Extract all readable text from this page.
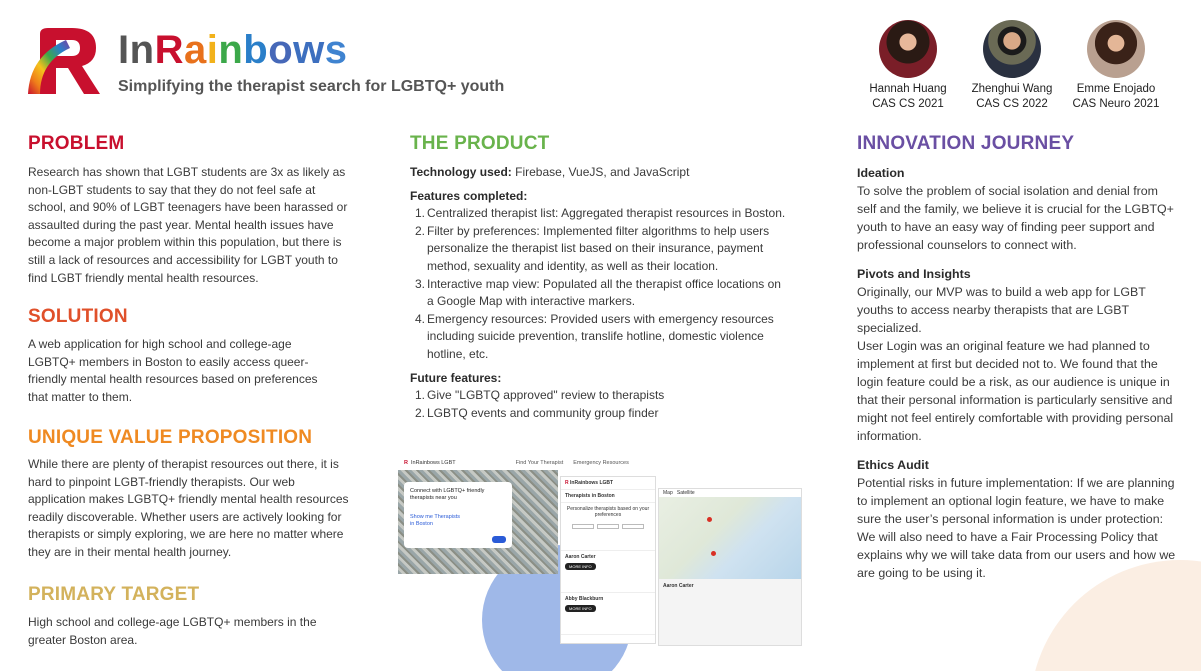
InRainbows
Simplifying the therapist search for LGBTQ+ youth	Hannah Huang
CAS CS 2021
Zhenghui Wang
CAS CS 2022
Emme Enojado
CAS Neuro 2021
PROBLEM
Research has shown that LGBT students are 3x as likely as non-LGBT students to say that they do not feel safe at school, and 90% of LGBT teenagers have been harassed or assaulted during the past year. Mental health issues have become a major problem within this population, but there is still a lack of resources and accessibility for LGBT youth to find LGBT friendly mental health resources.
SOLUTION
A web application for high school and college-age LGBTQ+ members in Boston to easily access queer-friendly mental health resources based on preferences that matter to them.
UNIQUE VALUE PROPOSITION
While there are plenty of therapist resources out there, it is hard to pinpoint LGBT-friendly therapists. Our web application makes LGBTQ+ friendly mental health resources readily discoverable. Whether users are actively looking for therapists or simply exploring, we are here no matter where they are in their mental health journey.
PRIMARY TARGET
High school and college-age LGBTQ+ members in the greater Boston area.
THE PRODUCT
Technology used: Firebase, VueJS, and JavaScript
Features completed:
1. Centralized therapist list: Aggregated therapist resources in Boston.
2. Filter by preferences: Implemented filter algorithms to help users personalize the therapist list based on their insurance, payment method, sexuality and identity, as well as their location.
3. Interactive map view: Populated all the therapist office locations on a Google Map with interactive markers.
4. Emergency resources: Provided users with emergency resources including suicide prevention, translife hotline, domestic violence hotline, etc.
Future features:
1. Give "LGBTQ approved" review to therapists
2. LGBTQ events and community group finder
R InRainbows LGBT	Find Your Therapist Emergency Resources
Connect with LGBTQ+ friendly therapists near you
Show me Therapists
in Boston
R InRainbows LGBT
Therapists in Boston
Personalize therapists based on your preferences
Aaron Carter
MORE INFO
Abby Blackburn
MORE INFO
Map Satellite
Aaron Carter
INNOVATION JOURNEY
Ideation
To solve the problem of social isolation and denial from self and the family, we believe it is crucial for the LGBTQ+ youth to have an easy way of finding peer support and professional counselors to connect with.
Pivots and Insights
Originally, our MVP was to build a web app for LGBT youths to access nearby therapists that are LGBT specialized.
User Login was an original feature we had planned to implement at first but decided not to. We found that the login feature could be a risk, as our audience is unique in that their personal information is particularly sensitive and might not feel entirely comfortable with providing personal information.
Ethics Audit
Potential risks in future implementation: If we are planning to implement an optional login feature, we have to make sure the user’s personal information is under protection: We will also need to have a Fair Processing Policy that explains why we will take data from our users and how we are going to be using it.
